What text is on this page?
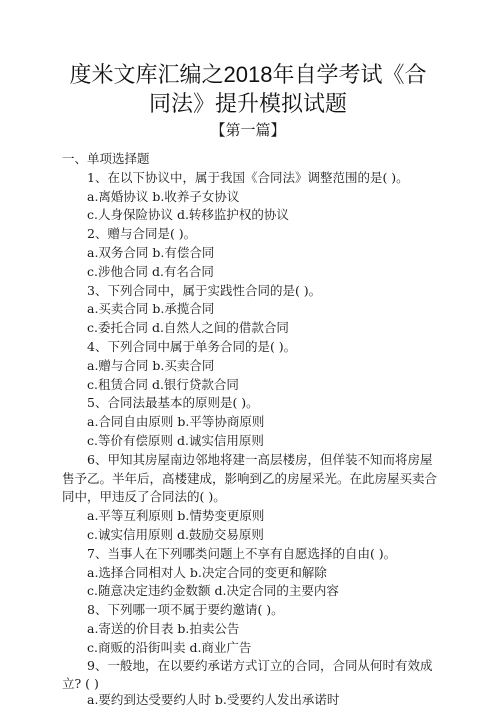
度米文库汇编之2018年自学考试《合
同法》提升模拟试题
【第一篇】
一、单项选择题
1、在以下协议中，属于我国《合同法》调整范围的是( )。
a.离婚协议 b.收养子女协议
c.人身保险协议 d.转移监护权的协议
2、赠与合同是( )。
a.双务合同 b.有偿合同
c.涉他合同 d.有名合同
3、下列合同中，属于实践性合同的是( )。
a.买卖合同 b.承揽合同
c.委托合同 d.自然人之间的借款合同
4、下列合同中属于单务合同的是( )。
a.赠与合同 b.买卖合同
c.租赁合同 d.银行贷款合同
5、合同法最基本的原则是( )。
a.合同自由原则 b.平等协商原则
c.等价有偿原则 d.诚实信用原则
6、甲知其房屋南边邻地将建一高层楼房，但佯装不知而将房屋
售予乙。半年后，高楼建成，影响到乙的房屋采光。在此房屋买卖合
同中，甲违反了合同法的( )。
a.平等互利原则 b.情势变更原则
c.诚实信用原则 d.鼓励交易原则
7、当事人在下列哪类问题上不享有自愿选择的自由( )。
a.选择合同相对人 b.决定合同的变更和解除
c.随意决定违约金数额 d.决定合同的主要内容
8、下列哪一项不属于要约邀请( )。
a.寄送的价目表 b.拍卖公告
c.商贩的沿街叫卖 d.商业广告
9、一般地，在以要约承诺方式订立的合同，合同从何时有效成
立? ( )
a.要约到达受要约人时 b.受要约人发出承诺时
